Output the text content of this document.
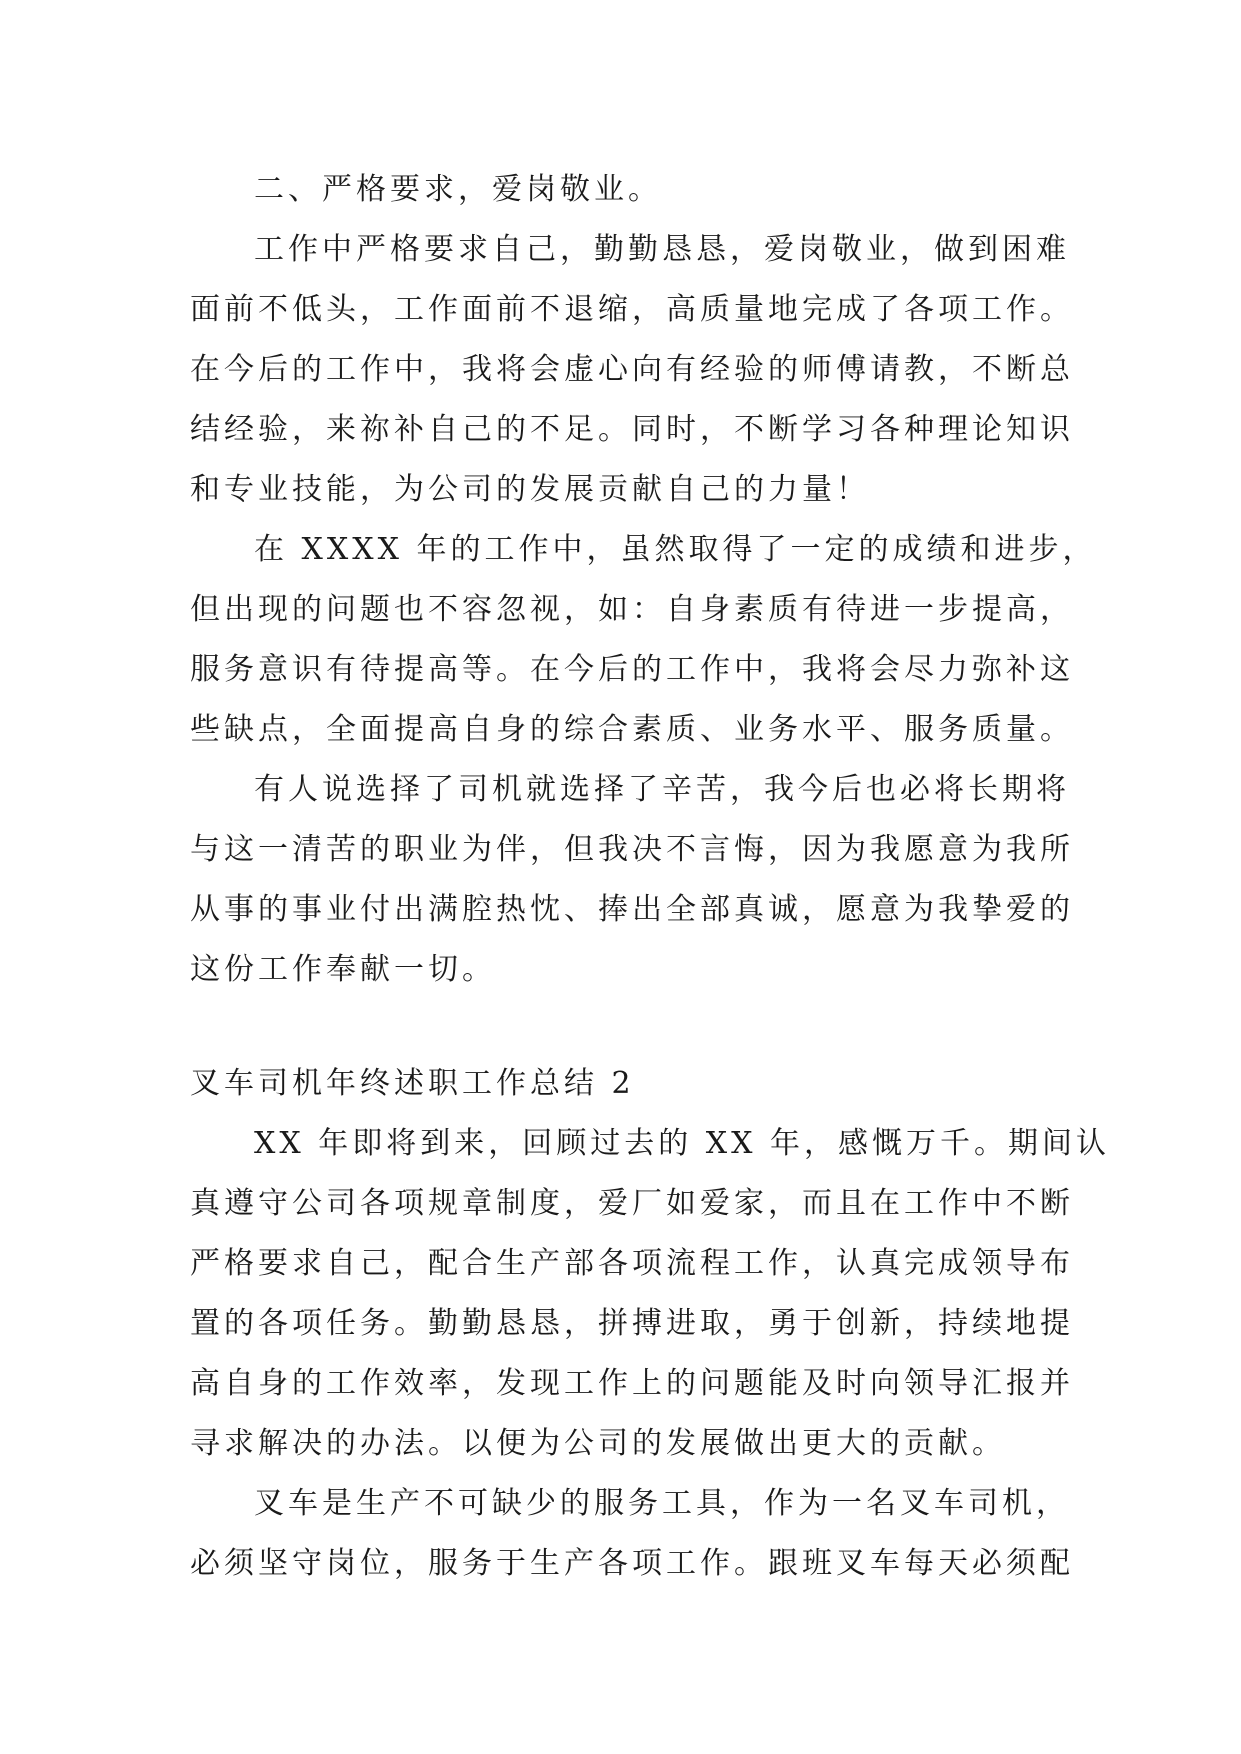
二、严格要求，爱岗敬业。
工作中严格要求自己，勤勤恳恳，爱岗敬业，做到困难
面前不低头，工作面前不退缩，高质量地完成了各项工作。
在今后的工作中，我将会虚心向有经验的师傅请教，不断总
结经验，来祢补自己的不足。同时，不断学习各种理论知识
和专业技能，为公司的发展贡献自己的力量！
在 XXXX 年的工作中，虽然取得了一定的成绩和进步，
但出现的问题也不容忽视，如：自身素质有待进一步提高，
服务意识有待提高等。在今后的工作中，我将会尽力弥补这
些缺点，全面提高自身的综合素质、业务水平、服务质量。
有人说选择了司机就选择了辛苦，我今后也必将长期将
与这一清苦的职业为伴，但我决不言悔，因为我愿意为我所
从事的事业付出满腔热忱、捧出全部真诚，愿意为我挚爱的
这份工作奉献一切。
叉车司机年终述职工作总结 2
XX 年即将到来，回顾过去的 XX 年，感慨万千。期间认
真遵守公司各项规章制度，爱厂如爱家，而且在工作中不断
严格要求自己，配合生产部各项流程工作，认真完成领导布
置的各项任务。勤勤恳恳，拼搏进取，勇于创新，持续地提
高自身的工作效率，发现工作上的问题能及时向领导汇报并
寻求解决的办法。以便为公司的发展做出更大的贡献。
叉车是生产不可缺少的服务工具，作为一名叉车司机，
必须坚守岗位，服务于生产各项工作。跟班叉车每天必须配
